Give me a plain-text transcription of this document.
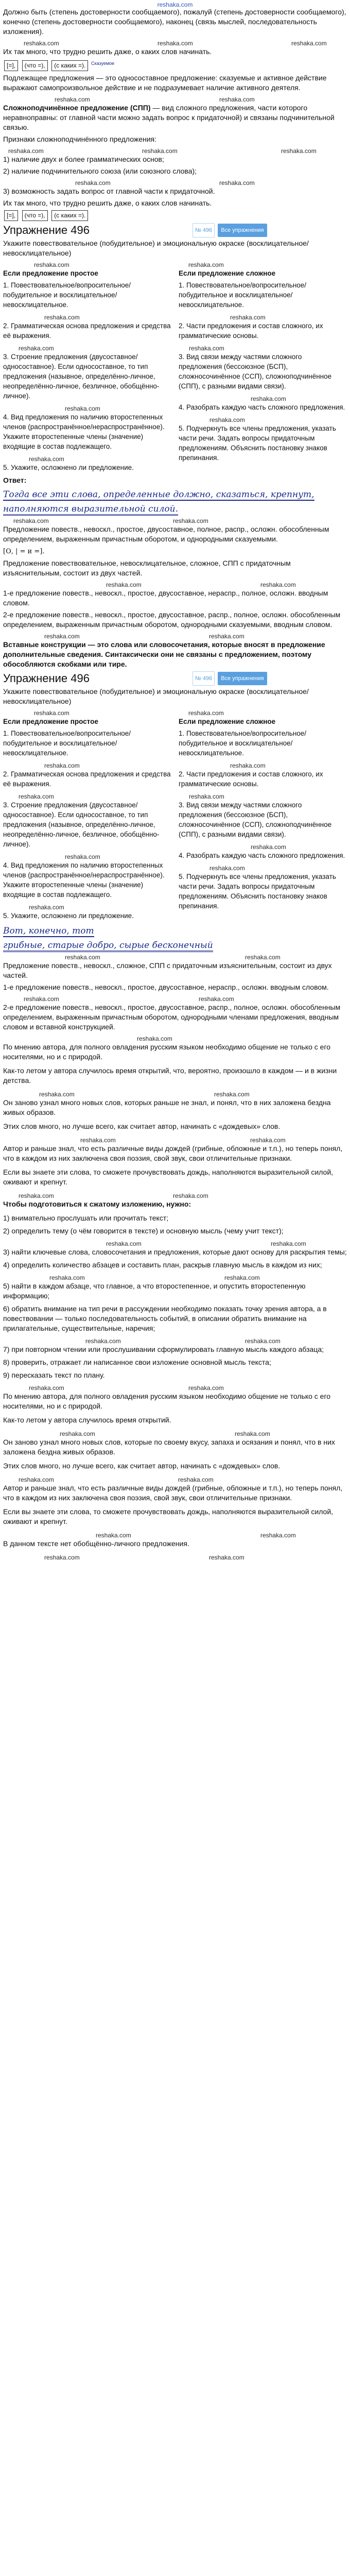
reshaka.com

Должно быть (степень достоверности сообщаемого), пожалуй (степень достоверности сообщаемого), конечно (степень достоверности сообщаемого), наконец (связь мыслей, последовательность изложения).

reshaka.com	reshaka.com	reshaka.com

Их так много, что трудно решить даже, о каких слов начинать.

[=], (что =), (с каких =). $^{Сказуемое}$

Подлежащее предложения — это односоставное предложение: сказуемые и активное действие выражают самопроизвольное действие и не подразумевает наличие активного деятеля.

reshaka.com	reshaka.com

Сложноподчинённое предложение (СПП) — вид сложного предложения, части которого неравноправны: от главной части можно задать вопрос к придаточной) и связаны подчинительной связью.

Признаки сложноподчинённого предложения:

reshaka.com	reshaka.com	reshaka.com

1) наличие двух и более грамматических основ;

2) наличие подчинительного союза (или союзного слова);

reshaka.com	reshaka.com

3) возможность задать вопрос от главной части к придаточной.

Их так много, что трудно решить даже, о каких слов начинать.

[=], (что =), (с каких =).
Упражнение 496	№ 496	Все упражнения

Укажите повествовательное (побудительное) и эмоциональную окраске (восклицательное/невосклицательное)

reshaka.com	reshaka.com

Если предложение простое

1. Повествовательное/вопросительное/побудительное и восклицательное/невосклицательное.

reshaka.com

2. Грамматическая основа предложения и средства её выражения.

reshaka.com

3. Строение предложения (двусоставное/односоставное). Если односоставное, то тип предложения (назывное, определённо-личное, неопределённо-личное, безличное, обобщённо-личное).

reshaka.com

4. Вид предложения по наличию второстепенных членов (распространённое/нераспространённое). Укажите второстепенные члены (значение) входящие в состав подлежащего.

reshaka.com

5. Укажите, осложнено ли предложение.

Если предложение сложное

1. Повествовательное/вопросительное/побудительное и восклицательное/невосклицательное.

reshaka.com

2. Части предложения и состав сложного, их грамматические основы.

reshaka.com

3. Вид связи между частями сложного предложения (бессоюзное (БСП), сложносочинённое (ССП), сложноподчинённое (СПП), с разными видами связи).

reshaka.com

4. Разобрать каждую часть сложного предложения.

reshaka.com

5. Подчеркнуть все члены предложения, указать части речи. Задать вопросы придаточным предложениям. Объяснить постановку знаков препинания.

Ответ:

Тогда все эти слова, определенные должно, сказаться, крепнут,
наполняются выразительной силой.
reshaka.com	reshaka.com

Предложение повеств., невоскл., простое, двусоставное, полное, распр., осложн. обособленным определением, выраженным причастным оборотом, и однородными сказуемыми.

[О, | = и =].

Предложение повествовательное, невосклицательное, сложное, СПП с придаточным изъяснительным, состоит из двух частей.

reshaka.com	reshaka.com

1-е предложение повеств., невоскл., простое, двусоставное, нераспр., полное, осложн. вводным словом.

2-е предложение повеств., невоскл., простое, двусоставное, распр., полное, осложн. обособленным определением, выраженным причастным оборотом, однородными сказуемыми, вводным словом.

reshaka.com	reshaka.com

Вставные конструкции — это слова или словосочетания, которые вносят в предложение дополнительные сведения. Синтаксически они не связаны с предложением, поэтому обособляются скобками или тире.

Упражнение 496	№ 496	Все упражнения

Укажите повествовательное (побудительное) и эмоциональную окраске (восклицательное/невосклицательное)

reshaka.com	reshaka.com

Если предложение простое

1. Повествовательное/вопросительное/побудительное и восклицательное/невосклицательное.

reshaka.com

2. Грамматическая основа предложения и средства её выражения.

reshaka.com

3. Строение предложения (двусоставное/односоставное). Если односоставное, то тип предложения (назывное, определённо-личное, неопределённо-личное, безличное, обобщённо-личное).

reshaka.com

4. Вид предложения по наличию второстепенных членов (распространённое/нераспространённое). Укажите второстепенные члены (значение) входящие в состав подлежащего.

reshaka.com

5. Укажите, осложнено ли предложение.

Если предложение сложное

1. Повествовательное/вопросительное/побудительное и восклицательное/невосклицательное.

reshaka.com

2. Части предложения и состав сложного, их грамматические основы.

reshaka.com

3. Вид связи между частями сложного предложения (бессоюзное (БСП), сложносочинённое (ССП), сложноподчинённое (СПП), с разными видами связи).

reshaka.com

4. Разобрать каждую часть сложного предложения.

reshaka.com

5. Подчеркнуть все члены предложения, указать части речи. Задать вопросы придаточным предложениям. Объяснить постановку знаков препинания.

Вот, конечно, тот
грибные, старые добро, сырые бесконечный
reshaka.com	reshaka.com

Предложение повеств., невоскл., сложное, СПП с придаточным изъяснительным, состоит из двух частей.

1-е предложение повеств., невоскл., простое, двусоставное, нераспр., осложн. вводным словом.

reshaka.com	reshaka.com

2-е предложение повеств., невоскл., простое, двусоставное, распр., полное, осложн. обособленным определением, выраженным причастным оборотом, однородными членами предложения, вводным словом и вставной конструкцией.

reshaka.com

По мнению автора, для полного овладения русским языком необходимо общение не только с его носителями, но и с природой.

Как-то летом у автора случилось время открытий, что, вероятно, произошло в каждом — и в жизни детства.

reshaka.com	reshaka.com

Он заново узнал много новых слов, которых раньше не знал, и понял, что в них заложена бездна живых образов.

Этих слов много, но лучше всего, как считает автор, начинать с «дождевых» слов.

reshaka.com	reshaka.com

Автор и раньше знал, что есть различные виды дождей (грибные, обложные и т.п.), но теперь понял, что в каждом из них заключена своя поэзия, свой звук, свои отличительные признаки.

Если вы знаете эти слова, то сможете прочувствовать дождь, наполняются выразительной силой, оживают и крепнут.

reshaka.com	reshaka.com

Чтобы подготовиться к сжатому изложению, нужно:

1) внимательно прослушать или прочитать текст;

2) определить тему (о чём говорится в тексте) и основную мысль (чему учит текст);

reshaka.com	reshaka.com

3) найти ключевые слова, словосочетания и предложения, которые дают основу для раскрытия темы;

4) определить количество абзацев и составить план, раскрыв главную мысль в каждом из них;

reshaka.com	reshaka.com

5) найти в каждом абзаце, что главное, а что второстепенное, и опустить второстепенную информацию;

6) обратить внимание на тип речи в рассуждении необходимо показать точку зрения автора, а в повествовании — только последовательность событий, в описании обратить внимание на прилагательные, существительные, наречия;

reshaka.com	reshaka.com

7) при повторном чтении или прослушивании сформулировать главную мысль каждого абзаца;

8) проверить, отражает ли написанное свои изложение основной мысль текста;

9) пересказать текст по плану.

reshaka.com	reshaka.com

По мнению автора, для полного овладения русским языком необходимо общение не только с его носителями, но и с природой.

Как-то летом у автора случилось время открытий.

reshaka.com	reshaka.com

Он заново узнал много новых слов, которые по своему вкусу, запаха и осязания и понял, что в них заложена бездна живых образов.

Этих слов много, но лучше всего, как считает автор, начинать с «дождевых» слов.

reshaka.com	reshaka.com

Автор и раньше знал, что есть различные виды дождей (грибные, обложные и т.п.), но теперь понял, что в каждом из них заключена своя поэзия, свой звук, свои отличительные признаки.

Если вы знаете эти слова, то сможете прочувствовать дождь, наполняются выразительной силой, оживают и крепнут.

reshaka.com	reshaka.com

В данном тексте нет обобщённо-личного предложения.

reshaka.com	reshaka.com
